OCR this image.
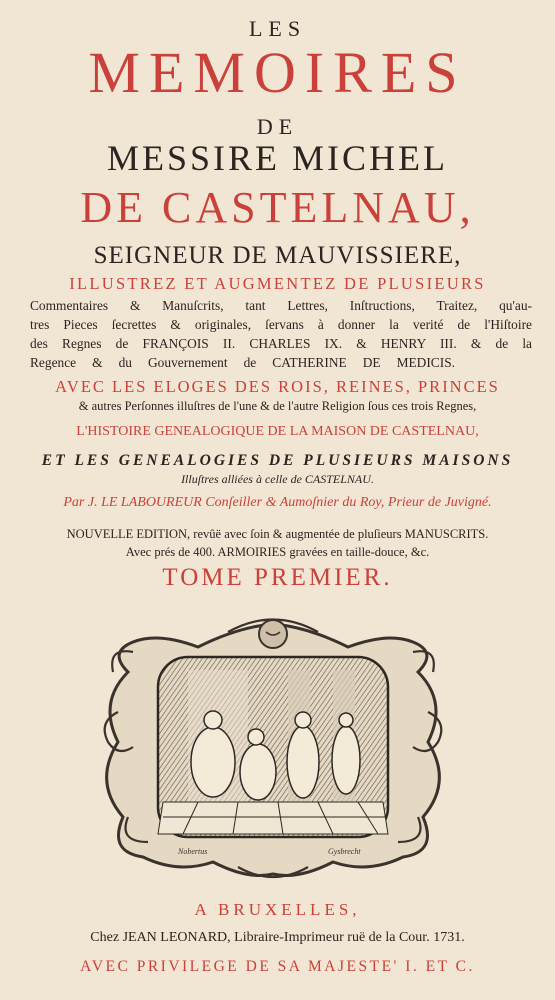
LES
MEMOIRES
DE
MESSIRE MICHEL
DE CASTELNAU,
SEIGNEUR DE MAUVISSIERE,
ILLUSTREZ ET AUGMENTEZ DE PLUSIEURS
Commentaires & Manuſcrits, tant Lettres, Inſtructions, Traitez, qu'au-
tres Pieces ſecrettes & originales, ſervans à donner la verité de l'Hiſtoire
des Regnes de FRANÇOIS II. CHARLES IX. & HENRY III. & de la
Regence & du Gouvernement de CATHERINE DE MEDICIS.
AVEC LES ELOGES DES ROIS, REINES, PRINCES
& autres Perſonnes illuſtres de l'une & de l'autre Religion ſous ces trois Regnes,
L'HISTOIRE GENEALOGIQUE DE LA MAISON DE CASTELNAU,
ET LES GENEALOGIES DE PLUSIEURS MAISONS
Illuſtres alliées à celle de CASTELNAU.
Par J. LE LABOUREUR Conſeiller & Aumoſnier du Roy, Prieur de Juvigné.
NOUVELLE EDITION, revûë avec ſoin & augmentée de pluſieurs MANUSCRITS.
Avec prés de 400. ARMOIRIES gravées en taille-douce, &c.
TOME PREMIER.
Nobertus	Gysbrecht
A BRUXELLES,
Chez JEAN LEONARD, Libraire-Imprimeur ruë de la Cour. 1731.
AVEC PRIVILEGE DE SA MAJESTE' I. ET C.
